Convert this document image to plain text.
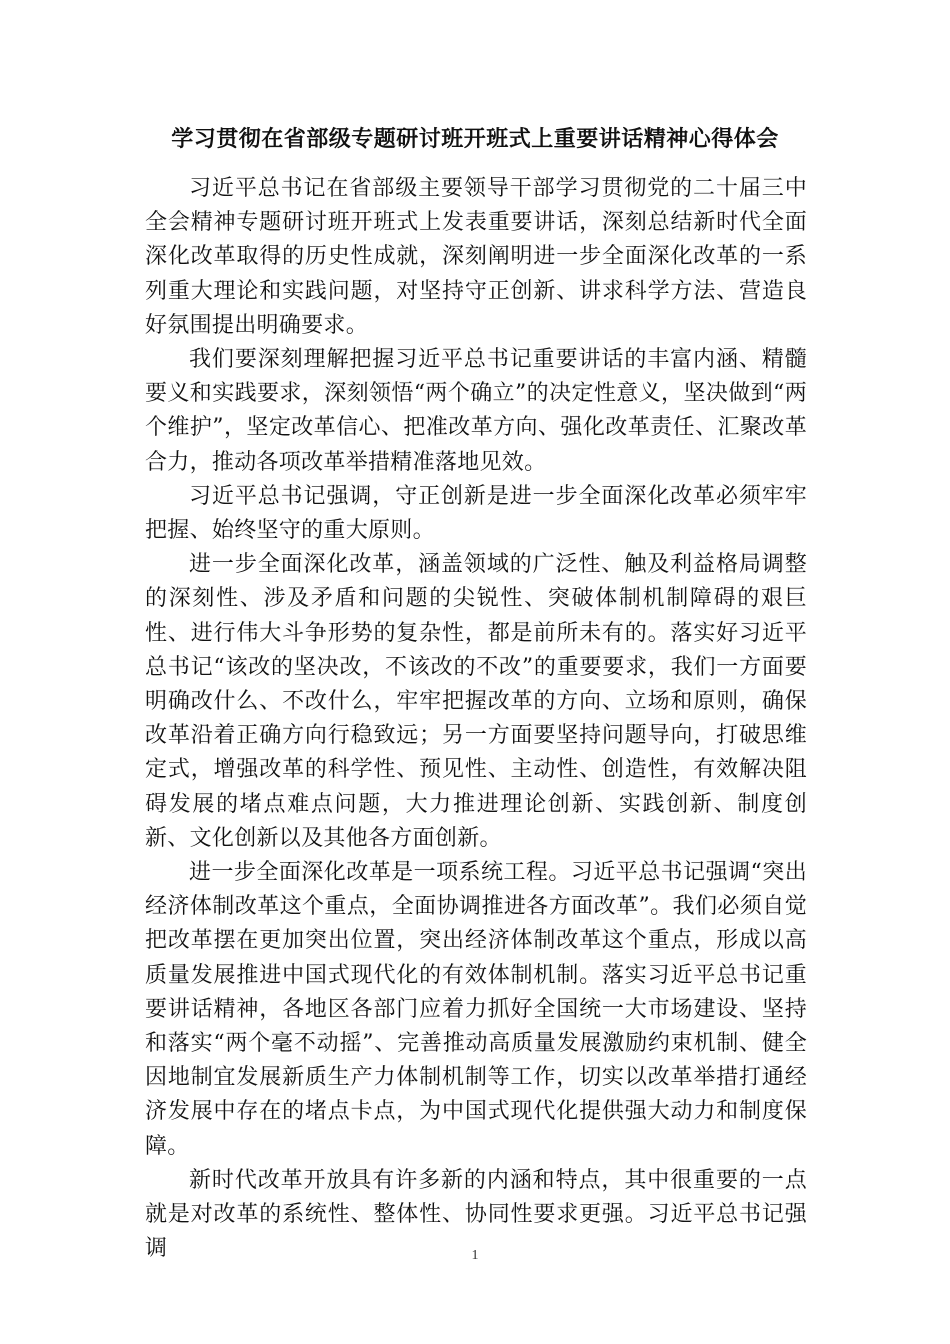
学习贯彻在省部级专题研讨班开班式上重要讲话精神心得体会

习近平总书记在省部级主要领导干部学习贯彻党的二十届三中全会精神专题研讨班开班式上发表重要讲话，深刻总结新时代全面深化改革取得的历史性成就，深刻阐明进一步全面深化改革的一系列重大理论和实践问题，对坚持守正创新、讲求科学方法、营造良好氛围提出明确要求。

我们要深刻理解把握习近平总书记重要讲话的丰富内涵、精髓要义和实践要求，深刻领悟“两个确立”的决定性意义，坚决做到“两个维护”，坚定改革信心、把准改革方向、强化改革责任、汇聚改革合力，推动各项改革举措精准落地见效。

习近平总书记强调，守正创新是进一步全面深化改革必须牢牢把握、始终坚守的重大原则。

进一步全面深化改革，涵盖领域的广泛性、触及利益格局调整的深刻性、涉及矛盾和问题的尖锐性、突破体制机制障碍的艰巨性、进行伟大斗争形势的复杂性，都是前所未有的。落实好习近平总书记“该改的坚决改，不该改的不改”的重要要求，我们一方面要明确改什么、不改什么，牢牢把握改革的方向、立场和原则，确保改革沿着正确方向行稳致远；另一方面要坚持问题导向，打破思维定式，增强改革的科学性、预见性、主动性、创造性，有效解决阻碍发展的堵点难点问题，大力推进理论创新、实践创新、制度创新、文化创新以及其他各方面创新。

进一步全面深化改革是一项系统工程。习近平总书记强调“突出经济体制改革这个重点，全面协调推进各方面改革”。我们必须自觉把改革摆在更加突出位置，突出经济体制改革这个重点，形成以高质量发展推进中国式现代化的有效体制机制。落实习近平总书记重要讲话精神，各地区各部门应着力抓好全国统一大市场建设、坚持和落实“两个毫不动摇”、完善推动高质量发展激励约束机制、健全因地制宜发展新质生产力体制机制等工作，切实以改革举措打通经济发展中存在的堵点卡点，为中国式现代化提供强大动力和制度保障。

新时代改革开放具有许多新的内涵和特点，其中很重要的一点就是对改革的系统性、整体性、协同性要求更强。习近平总书记强调	1
